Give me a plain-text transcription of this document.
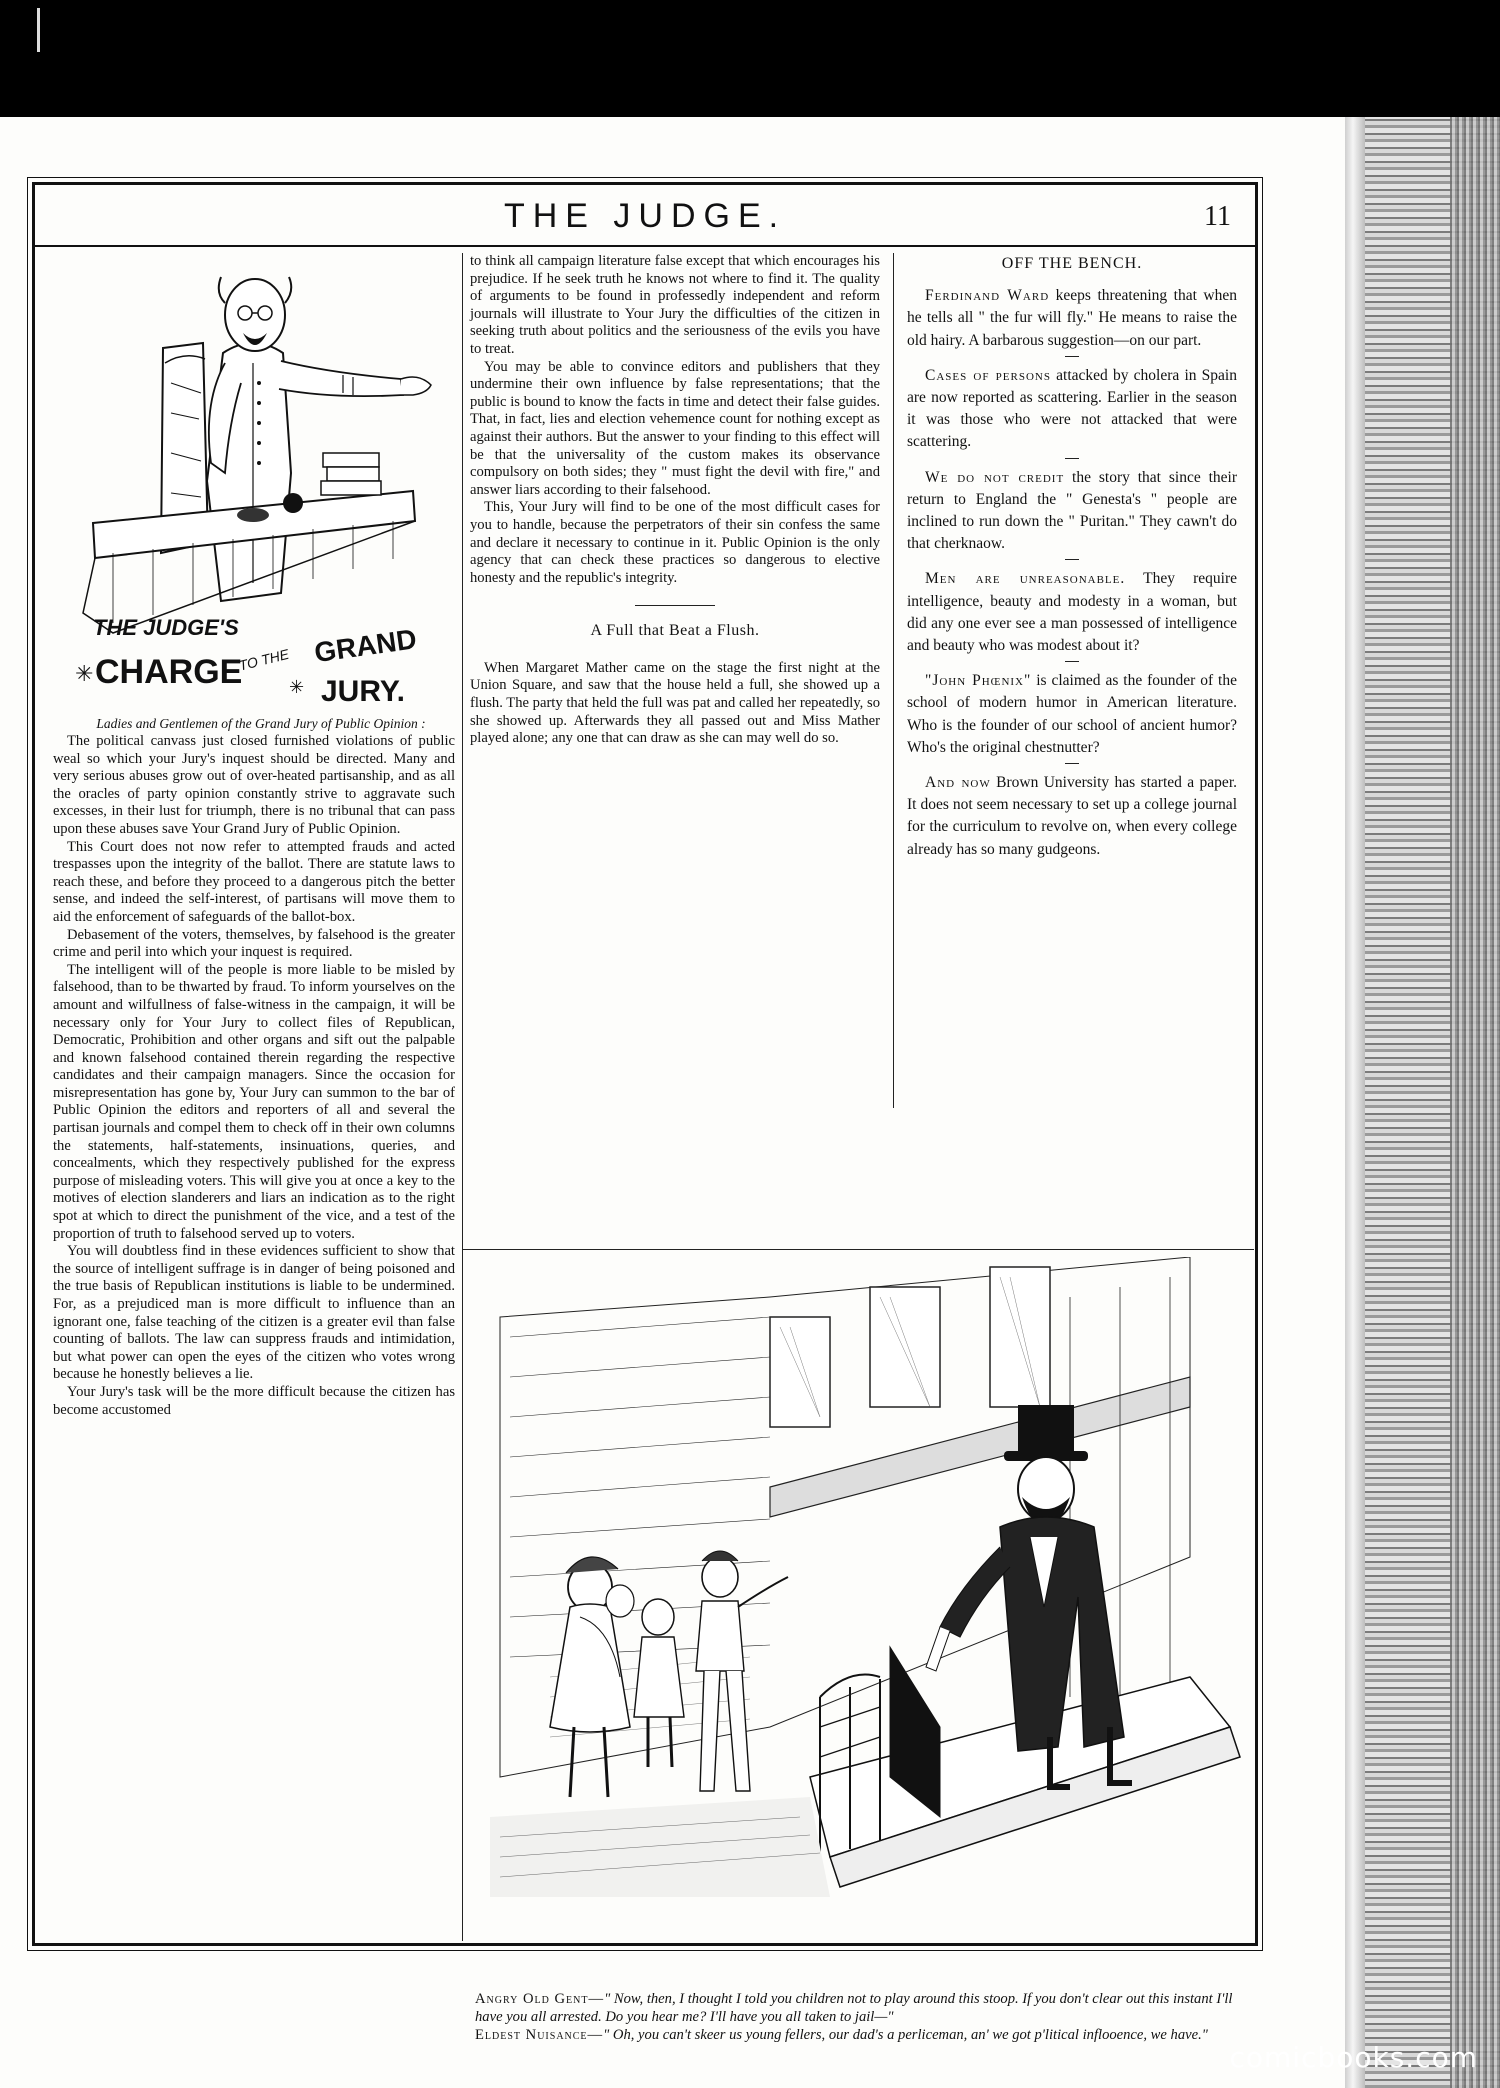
THE JUDGE.	11
THE JUDGE'S
CHARGE
TO THE GRAND
JURY.
✳
✳

Ladies and Gentlemen of the Grand Jury of Public Opinion :

The political canvass just closed furnished violations of public weal so which your Jury's inquest should be directed. Many and very serious abuses grow out of over-heated partisanship, and as all the oracles of party opinion constantly strive to aggravate such excesses, in their lust for triumph, there is no tribunal that can pass upon these abuses save Your Grand Jury of Public Opinion.

This Court does not now refer to attempted frauds and acted trespasses upon the integrity of the ballot. There are statute laws to reach these, and before they proceed to a dangerous pitch the better sense, and indeed the self-interest, of partisans will move them to aid the enforcement of safeguards of the ballot-box.

Debasement of the voters, themselves, by falsehood is the greater crime and peril into which your inquest is required.

The intelligent will of the people is more liable to be misled by falsehood, than to be thwarted by fraud. To inform yourselves on the amount and wilfullness of false-witness in the campaign, it will be necessary only for Your Jury to collect files of Republican, Democratic, Prohibition and other organs and sift out the palpable and known falsehood contained therein regarding the respective candidates and their campaign managers. Since the occasion for misrepresentation has gone by, Your Jury can summon to the bar of Public Opinion the editors and reporters of all and several the partisan journals and compel them to check off in their own columns the statements, half-statements, insinuations, queries, and concealments, which they respectively published for the express purpose of misleading voters. This will give you at once a key to the motives of election slanderers and liars an indication as to the right spot at which to direct the punishment of the vice, and a test of the proportion of truth to falsehood served up to voters.

You will doubtless find in these evidences sufficient to show that the source of intelligent suffrage is in danger of being poisoned and the true basis of Republican institutions is liable to be undermined. For, as a prejudiced man is more difficult to influence than an ignorant one, false teaching of the citizen is a greater evil than false counting of ballots. The law can suppress frauds and intimidation, but what power can open the eyes of the citizen who votes wrong because he honestly believes a lie.

Your Jury's task will be the more difficult because the citizen has become accustomed

to think all campaign literature false except that which encourages his prejudice. If he seek truth he knows not where to find it. The quality of arguments to be found in professedly independent and reform journals will illustrate to Your Jury the difficulties of the citizen in seeking truth about politics and the seriousness of the evils you have to treat.

You may be able to convince editors and publishers that they undermine their own influence by false representations; that the public is bound to know the facts in time and detect their false guides. That, in fact, lies and election vehemence count for nothing except as against their authors. But the answer to your finding to this effect will be that the universality of the custom makes its observance compulsory on both sides; they " must fight the devil with fire," and answer liars according to their falsehood.

This, Your Jury will find to be one of the most difficult cases for you to handle, because the perpetrators of their sin confess the same and declare it necessary to continue in it. Public Opinion is the only agency that can check these practices so dangerous to elective honesty and the republic's integrity.

A Full that Beat a Flush.

When Margaret Mather came on the stage the first night at the Union Square, and saw that the house held a full, she showed up a flush. The party that held the full was pat and called her repeatedly, so she showed up. Afterwards they all passed out and Miss Mather played alone; any one that can draw as she can may well do so.

OFF THE BENCH.

Ferdinand Ward keeps threatening that when he tells all " the fur will fly." He means to raise the old hairy. A barbarous suggestion—on our part.

Cases of persons attacked by cholera in Spain are now reported as scattering. Earlier in the season it was those who were not attacked that were scattering.

We do not credit the story that since their return to England the " Genesta's " people are inclined to run down the " Puritan." They cawn't do that cherknaow.

Men are unreasonable. They require intelligence, beauty and modesty in a woman, but did any one ever see a man possessed of intelligence and beauty who was modest about it?

"John Phœnix" is claimed as the founder of the school of modern humor in American literature. Who is the founder of our school of ancient humor? Who's the original chestnutter?

And now Brown University has started a paper. It does not seem necessary to set up a college journal for the curriculum to revolve on, when every college already has so many gudgeons.

Angry Old Gent—" Now, then, I thought I told you children not to play around this stoop. If you don't clear out this instant I'll have you all arrested. Do you hear me? I'll have you all taken to jail—"

Eldest Nuisance—" Oh, you can't skeer us young fellers, our dad's a perliceman, an' we got p'litical inflooence, we have."

comicbooks.com
